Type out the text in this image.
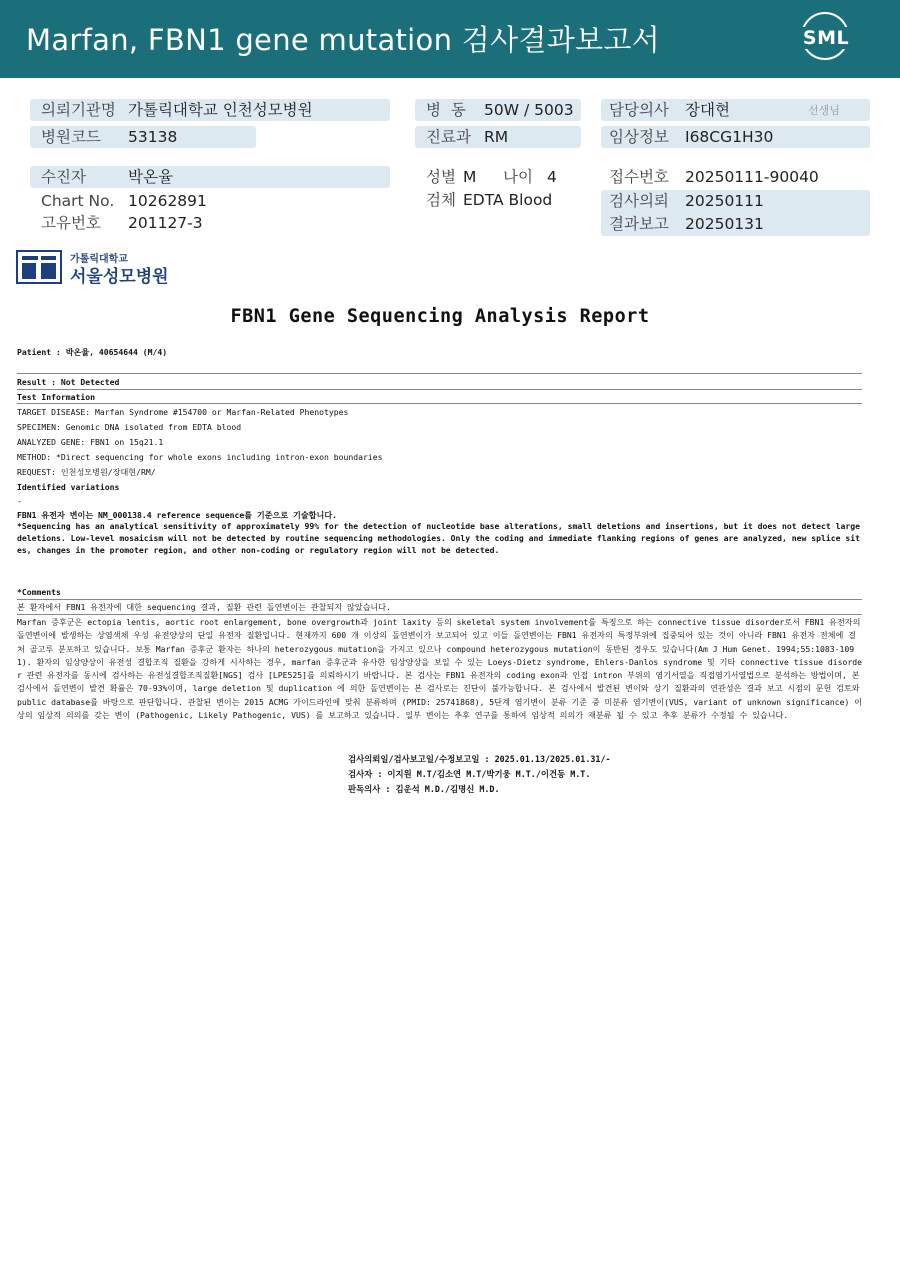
Marfan, FBN1 gene mutation 검사결과보고서	SML
의뢰기관명 가톨릭대학교 인천성모병원
병원코드 53138
병  동 50W / 5003
진료과 RM
담당의사 장대현	선생님
임상정보 I68CG1H30
수진자	박온율
Chart No. 10262891
고유번호 201127-3
성별 M 나이 4
검체 EDTA Blood
접수번호 20250111-90040
검사의뢰 20250111
결과보고 20250131
가톨릭대학교
서울성모병원
FBN1 Gene Sequencing Analysis Report
Patient : 박온율, 40654644 (M/4)
Result : Not Detected
Test Information
TARGET DISEASE: Marfan Syndrome #154700 or Marfan-Related Phenotypes
SPECIMEN: Genomic DNA isolated from EDTA blood
ANALYZED GENE: FBN1 on 15q21.1
METHOD: *Direct sequencing for whole exons including intron-exon boundaries
REQUEST: 인천성모병원/장대현/RM/
Identified variations
-
FBN1 유전자 변이는 NM_000138.4 reference sequence를 기준으로 기술합니다.
*Sequencing has an analytical sensitivity of approximately 99% for the detection of nucleotide base alterations, small deletions and insertions, but it does not detect large deletions. Low-level mosaicism will not be detected by routine sequencing methodologies. Only the coding and immediate flanking regions of genes are analyzed, new splice sites, changes in the promoter region, and other non-coding or regulatory region will not be detected.
*Comments
본 환자에서 FBN1 유전자에 대한 sequencing 결과, 질환 관련 돌연변이는 관찰되지 않았습니다.
Marfan 증후군은 ectopia lentis, aortic root enlargement, bone overgrowth과 joint laxity 등의 skeletal system involvement를 특징으로 하는 connective tissue disorder로서 FBN1 유전자의 돌연변이에 발생하는 상염색체 우성 유전양상의 단일 유전자 질환입니다. 현재까지 600 개 이상의 돌연변이가 보고되어 있고 이들 돌연변이는 FBN1 유전자의 특정부위에 집중되어 있는 것이 아니라 FBN1 유전자 전체에 걸쳐 골고루 분포하고 있습니다. 보통 Marfan 증후군 환자는 하나의 heterozygous mutation을 가지고 있으나 compound heterozygous mutation이 동반된 경우도 있습니다(Am J Hum Genet. 1994;55:1083-1091). 환자의 임상양상이 유전성 결합조직 질환을 강하게 시사하는 경우, marfan 증후군과 유사한 임상양상을 보일 수 있는 Loeys-Dietz syndrome, Ehlers-Danlos syndrome 및 기타 connective tissue disorder 관련 유전자를 동시에 검사하는 유전성결합조직질환[NGS] 검사 [LPE525]를 의뢰하시기 바랍니다. 본 검사는 FBN1 유전자의 coding exon과 인접 intron 부위의 염기서열을 직접염기서열법으로 분석하는 방법이며, 본 검사에서 돌연변이 발견 확률은 70-93%이며, large deletion 및 duplication 에 의한 돌연변이는 본 검사로는 진단이 불가능합니다. 본 검사에서 발견된 변이와 상기 질환과의 연관성은 결과 보고 시점의 문헌 검토와 public database를 바탕으로 판단합니다. 관찰된 변이는 2015 ACMG 가이드라인에 맞춰 분류하며 (PMID: 25741868), 5단계 염기변이 분류 기준 중 미분류 염기변이(VUS, variant of unknown significance) 이상의 임상적 의의를 갖는 변이 (Pathogenic, Likely Pathogenic, VUS) 를 보고하고 있습니다. 일부 변이는 추후 연구를 통하여 임상적 의의가 재분류 될 수 있고 추후 분류가 수정될 수 있습니다.
검사의뢰일/검사보고일/수정보고일 : 2025.01.13/2025.01.31/-
검사자 : 이지원 M.T/김소연 M.T/박기웅 M.T./이건동 M.T.
판독의사 : 김운석 M.D./김명신 M.D.
